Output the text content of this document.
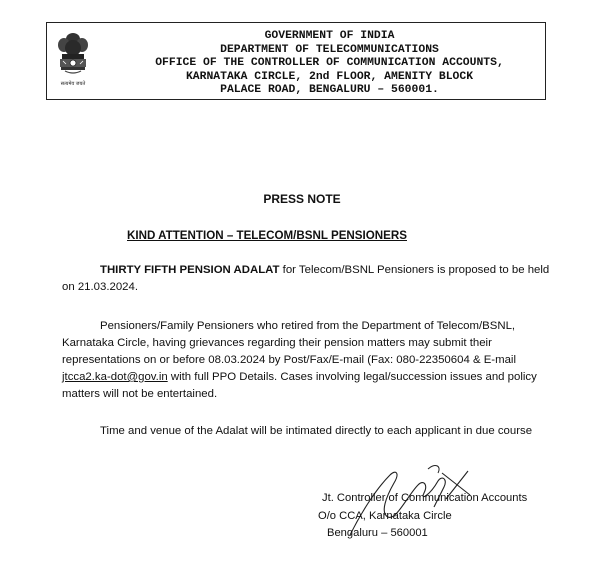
सत्यमेव जयते
GOVERNMENT OF INDIA
DEPARTMENT OF TELECOMMUNICATIONS
OFFICE OF THE CONTROLLER OF COMMUNICATION ACCOUNTS,
KARNATAKA CIRCLE, 2nd FLOOR, AMENITY BLOCK
PALACE ROAD, BENGALURU – 560001.
PRESS NOTE
KIND ATTENTION – TELECOM/BSNL PENSIONERS
THIRTY FIFTH PENSION ADALAT for Telecom/BSNL Pensioners is proposed to be held on 21.03.2024.
Pensioners/Family Pensioners who retired from the Department of Telecom/BSNL, Karnataka Circle, having grievances regarding their pension matters may submit their representations on or before 08.03.2024 by Post/Fax/E-mail (Fax: 080-22350604 & E-mail jtcca2.ka-dot@gov.in with full PPO Details. Cases involving legal/succession issues and policy matters will not be entertained.
Time and venue of the Adalat will be intimated directly to each applicant in due course
Jt. Controller of Communication Accounts
O/o CCA, Karnataka Circle
Bengaluru – 560001
